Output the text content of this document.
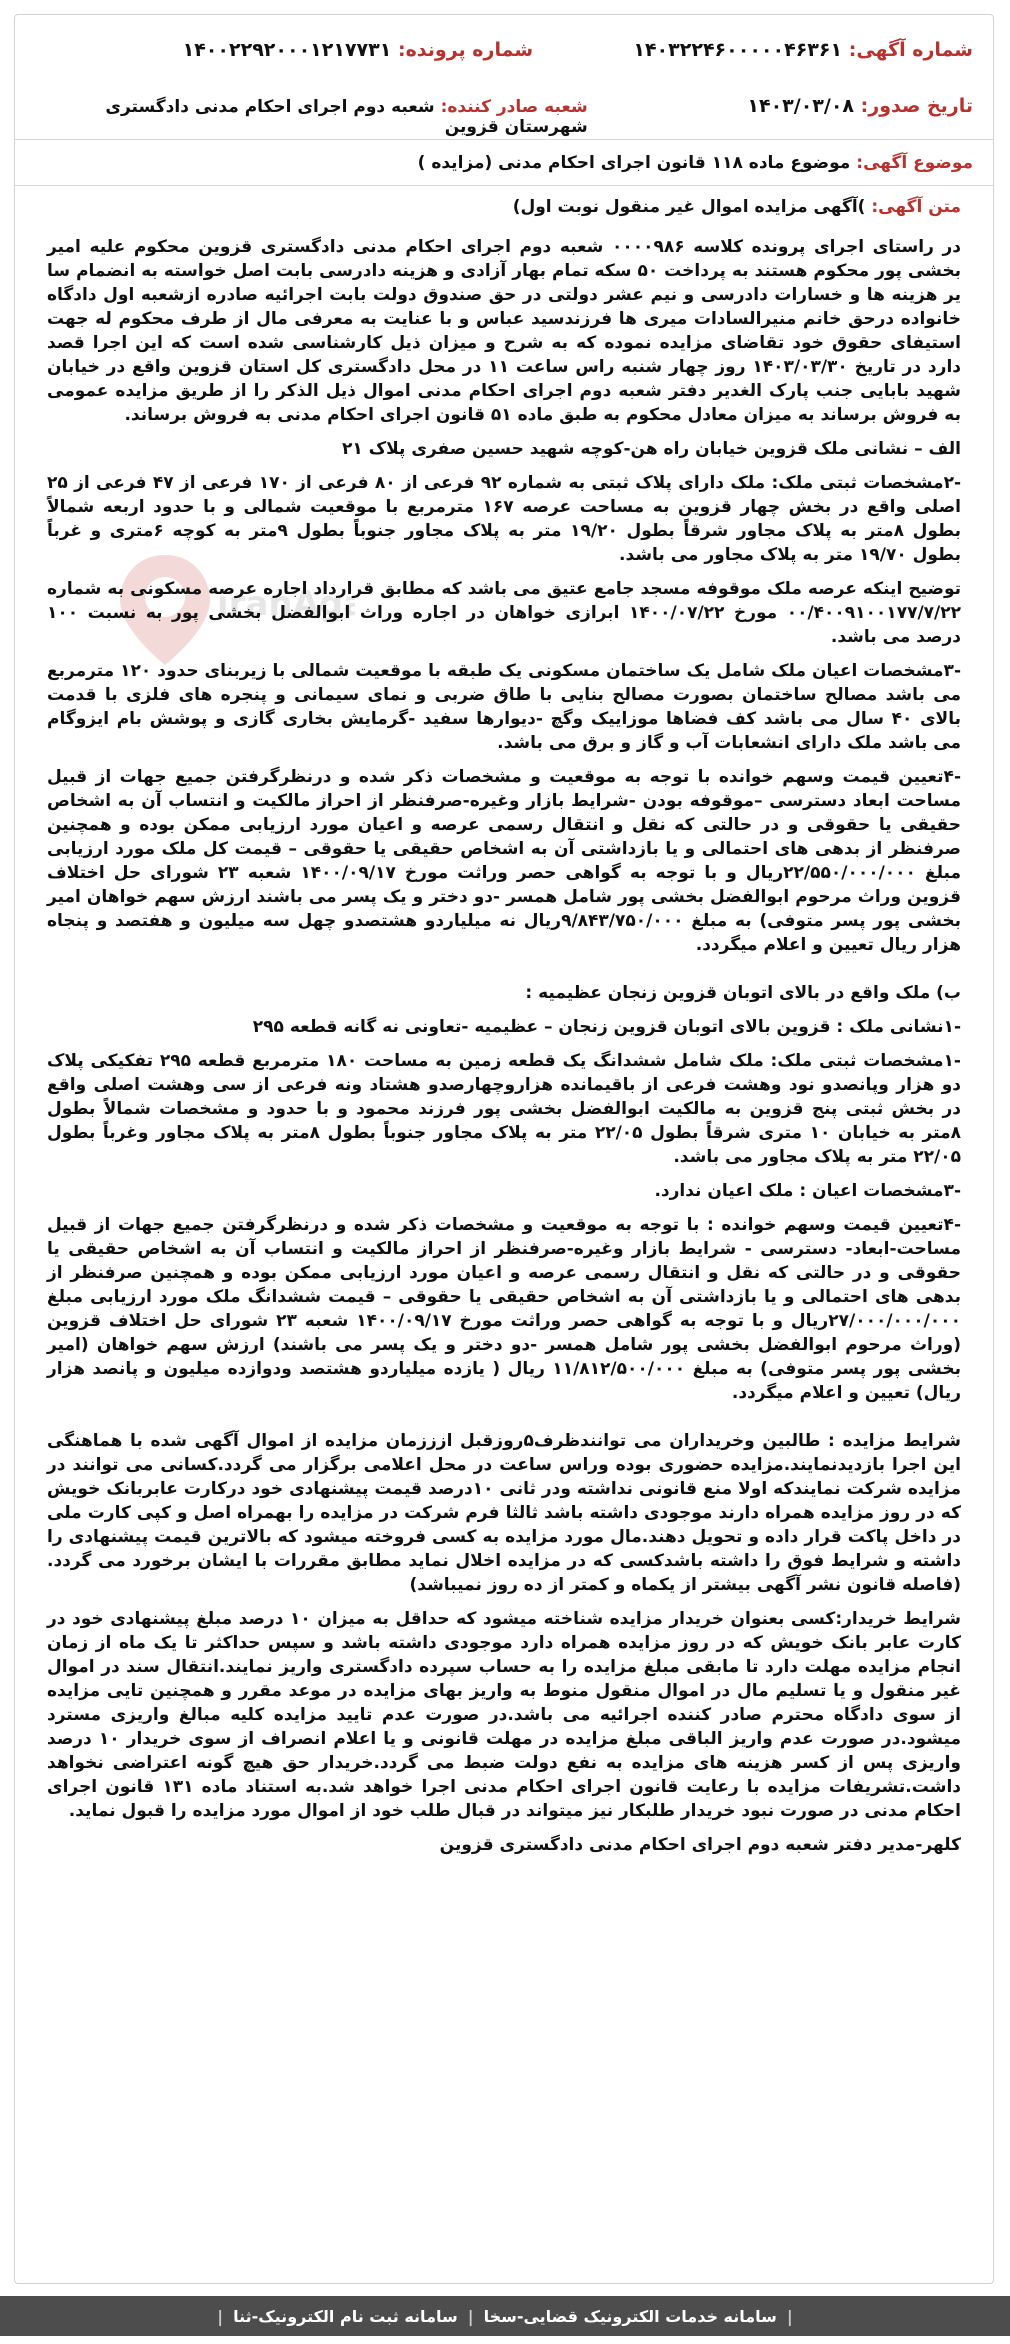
شماره آگهی: ۱۴۰۳۲۲۴۶۰۰۰۰۰۴۶۳۶۱
شماره پرونده: ۱۴۰۰۲۲۹۲۰۰۰۱۲۱۷۷۳۱
تاریخ صدور: ۱۴۰۳/۰۳/۰۸
شعبه صادر کننده: شعبه دوم اجرای احکام مدنی دادگستری شهرستان قزوین
موضوع آگهی:
موضوع ماده ۱۱۸ قانون اجرای احکام مدنی (مزایده )
iranAga

متن آگهی: )آگهی مزایده اموال غیر منقول نوبت اول)

در راستای اجرای پرونده کلاسه ۰۰۰۰۹۸۶ شعبه دوم اجرای احکام مدنی دادگستری قزوین محکوم علیه امیر بخشی پور محکوم هستند به پرداخت ۵۰ سکه تمام بهار آزادی و هزینه دادرسی بابت اصل خواسته به انضمام سا یر هزینه ها و خسارات دادرسی و نیم عشر دولتی در حق صندوق دولت بابت اجرائیه صادره ازشعبه اول دادگاه خانواده درحق خانم منیرالسادات میری ها فرزندسید عباس و با عنایت به معرفی مال از طرف محکوم له جهت استیفای حقوق خود تقاضای مزایده نموده که به شرح و میزان ذیل کارشناسی شده است که این اجرا قصد دارد در تاریخ ۱۴۰۳/۰۳/۳۰ روز چهار شنبه راس ساعت ۱۱ در محل دادگستری کل استان قزوین واقع در خیابان شهید بابایی جنب پارک الغدیر دفتر شعبه دوم اجرای احکام مدنی اموال ذیل الذکر را از طریق مزایده عمومی به فروش برساند به میزان معادل محکوم به طبق ماده ۵۱ قانون اجرای احکام مدنی به فروش برساند.

الف – نشانی ملک قزوین خیابان راه هن-کوچه شهید حسین صفری پلاک ۲۱

-۲مشخصات ثبتی ملک: ملک دارای پلاک ثبتی به شماره ۹۲ فرعی از ۸۰ فرعی از ۱۷۰ فرعی از ۴۷ فرعی از ۲۵ اصلی واقع در بخش چهار قزوین به مساحت عرصه ۱۶۷ مترمربع با موقعیت شمالی و با حدود اربعه شمالاً بطول ۸متر به پلاک مجاور شرقاً بطول ۱۹/۲۰ متر به پلاک مجاور جنوباً بطول ۹متر به کوچه ۶متری و غرباً بطول ۱۹/۷۰ متر به پلاک مجاور می باشد.

توضیح اینکه عرصه ملک موقوفه مسجد جامع عتیق می باشد که مطابق قرارداد اجاره عرصه مسکونی به شماره ۰۰/۴۰۰۹۱۰۰۱۷۷/۷/۲۲ مورخ ۱۴۰۰/۰۷/۲۲ ابرازی خواهان در اجاره وراث ابوالفضل بخشی پور به نسبت ۱۰۰ درصد می باشد.

-۳مشخصات اعیان ملک شامل یک ساختمان مسکونی یک طبقه با موقعیت شمالی با زیربنای حدود ۱۲۰ مترمربع می باشد مصالح ساختمان بصورت مصالح بنایی با طاق ضربی و نمای سیمانی و پنجره های فلزی با قدمت بالای ۴۰ سال می باشد کف فضاها موزاییک وگچ -دیوارها سفید -گرمایش بخاری گازی و پوشش بام ایزوگام می باشد ملک دارای انشعابات آب و گاز و برق می باشد.

-۴تعیین قیمت وسهم خوانده با توجه به موقعیت و مشخصات ذکر شده و درنظرگرفتن جمیع جهات از قبیل مساحت ابعاد دسترسی –موقوفه بودن -شرایط بازار وغیره-صرفنظر از احراز مالکیت و انتساب آن به اشخاص حقیقی یا حقوقی و در حالتی که نقل و انتقال رسمی عرصه و اعیان مورد ارزیابی ممکن بوده و همچنین صرفنظر از بدهی های احتمالی و یا بازداشتی آن به اشخاص حقیقی یا حقوقی – قیمت کل ملک مورد ارزیابی مبلغ ۲۲/۵۵۰/۰۰۰/۰۰۰ریال و با توجه به گواهی حصر وراثت مورخ ۱۴۰۰/۰۹/۱۷ شعبه ۲۳ شورای حل اختلاف قزوین وراث مرحوم ابوالفضل بخشی پور شامل همسر -دو دختر و یک پسر می باشند ارزش سهم خواهان امیر بخشی پور پسر متوفی) به مبلغ ۹/۸۴۳/۷۵۰/۰۰۰ریال نه میلیاردو هشتصدو چهل سه میلیون و هفتصد و پنجاه هزار ریال تعیین و اعلام میگردد.

ب) ملک واقع در بالای اتوبان قزوین زنجان عظیمیه :

-۱نشانی ملک : قزوین بالای اتوبان قزوین زنجان – عظیمیه -تعاونی نه گانه قطعه ۲۹۵

-۱مشخصات ثبتی ملک: ملک شامل ششدانگ یک قطعه زمین به مساحت ۱۸۰ مترمربع قطعه ۲۹۵ تفکیکی پلاک دو هزار وپانصدو نود وهشت فرعی از باقیمانده هزاروچهارصدو هشتاد ونه فرعی از سی وهشت اصلی واقع در بخش ثبتی پنج قزوین به مالکیت ابوالفضل بخشی پور فرزند محمود و با حدود و مشخصات شمالاً بطول ۸متر به خیابان ۱۰ متری شرقاً بطول ۲۲/۰۵ متر به پلاک مجاور جنوباً بطول ۸متر به پلاک مجاور وغرباً بطول ۲۲/۰۵ متر به پلاک مجاور می باشد.

-۳مشخصات اعیان : ملک اعیان ندارد.

-۴تعیین قیمت وسهم خوانده : با توجه به موقعیت و مشخصات ذکر شده و درنظرگرفتن جمیع جهات از قبیل مساحت-ابعاد- دسترسی - شرایط بازار وغیره-صرفنظر از احراز مالکیت و انتساب آن به اشخاص حقیقی یا حقوقی و در حالتی که نقل و انتقال رسمی عرصه و اعیان مورد ارزیابی ممکن بوده و همچنین صرفنظر از بدهی های احتمالی و یا بازداشتی آن به اشخاص حقیقی یا حقوقی – قیمت ششدانگ ملک مورد ارزیابی مبلغ ۲۷/۰۰۰/۰۰۰/۰۰۰ریال و با توجه به گواهی حصر وراثت مورخ ۱۴۰۰/۰۹/۱۷ شعبه ۲۳ شورای حل اختلاف قزوین (وراث مرحوم ابوالفضل بخشی پور شامل همسر -دو دختر و یک پسر می باشند) ارزش سهم خواهان (امیر بخشی پور پسر متوفی) به مبلغ ۱۱/۸۱۲/۵۰۰/۰۰۰ ریال ( یازده میلیاردو هشتصد ودوازده میلیون و پانصد هزار ریال) تعیین و اعلام میگردد.

شرایط مزایده : طالبین وخریداران می توانندظرف۵روزقبل ازززمان مزایده از اموال آگهی شده با هماهنگی این اجرا بازدیدنمایند.مزایده حضوری بوده وراس ساعت در محل اعلامی برگزار می گردد.کسانی می توانند در مزایده شرکت نمایندکه اولا منع قانونی نداشته ودر ثانی ۱۰درصد قیمت پیشنهادی خود درکارت عابربانک خویش که در روز مزایده همراه دارند موجودی داشته باشد ثالثا فرم شرکت در مزایده را بهمراه اصل و کپی کارت ملی در داخل پاکت قرار داده و تحویل دهند.مال مورد مزایده به کسی فروخته میشود که بالاترین قیمت پیشنهادی را داشته و شرایط فوق را داشته باشدکسی که در مزایده اخلال نماید مطابق مقررات با ایشان برخورد می گردد.(فاصله قانون نشر آگهی بیشتر از یکماه و کمتر از ده روز نمیباشد)

شرایط خریدار:کسی بعنوان خریدار مزایده شناخته میشود که حداقل به میزان ۱۰ درصد مبلغ پیشنهادی خود در کارت عابر بانک خویش که در روز مزایده همراه دارد موجودی داشته باشد و سپس حداکثر تا یک ماه از زمان انجام مزایده مهلت دارد تا مابقی مبلغ مزایده را به حساب سپرده دادگستری واریز نمایند.انتقال سند در اموال غیر منقول و یا تسلیم مال در اموال منقول منوط به واریز بهای مزایده در موعد مقرر و همچنین تایی مزایده از سوی دادگاه محترم صادر کننده اجرائیه می باشد.در صورت عدم تایید مزایده کلیه مبالغ واریزی مسترد میشود.در صورت عدم واریز الباقی مبلغ مزایده در مهلت قانونی و یا اعلام انصراف از سوی خریدار ۱۰ درصد واریزی پس از کسر هزینه های مزایده به نفع دولت ضبط می گردد.خریدار حق هیچ گونه اعتراضی نخواهد داشت.تشریفات مزایده با رعایت قانون اجرای احکام مدنی اجرا خواهد شد.به استناد ماده ۱۳۱ قانون اجرای احکام مدنی در صورت نبود خریدار طلبکار نیز میتواند در قبال طلب خود از اموال مورد مزایده را قبول نماید.

کلهر-مدیر دفتر شعبه دوم اجرای احکام مدنی دادگستری قزوین

|
سامانه خدمات الکترونیک قضایی-سخا
|
سامانه ثبت نام الکترونیک-ثنا
|
